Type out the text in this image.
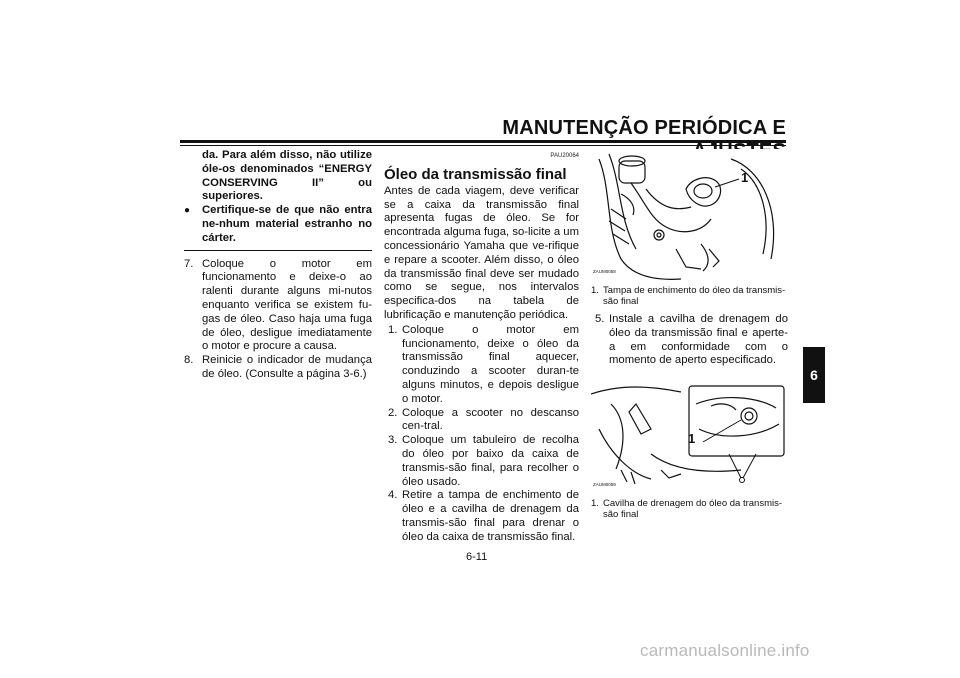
MANUTENÇÃO PERIÓDICA E
6

da. Para além disso, não utilize óle-os denominados “ENERGY CONSERVING II” ou superiores.

●	Certifique-se de que não entra ne-nhum material estranho no cárter.

7. Coloque o motor em funcionamento e deixe-o ao ralenti durante alguns mi-nutos enquanto verifica se existem fu-gas de óleo. Caso haja uma fuga de óleo, desligue imediatamente o motor e procure a causa.
8. Reinicie o indicador de mudança de óleo. (Consulte a página 3-6.)
PAU20064
Óleo da transmissão final

Antes de cada viagem, deve verificar se a caixa da transmissão final apresenta fugas de óleo. Se for encontrada alguma fuga, so-licite a um concessionário Yamaha que ve-rifique e repare a scooter. Além disso, o óleo da transmissão final deve ser mudado como se segue, nos intervalos especifica-dos na tabela de lubrificação e manutenção periódica.

1. Coloque o motor em funcionamento, deixe o óleo da transmissão final aquecer, conduzindo a scooter duran-te alguns minutos, e depois desligue o motor.
2. Coloque a scooter no descanso cen-tral.
3. Coloque um tabuleiro de recolha do óleo por baixo da caixa de transmis-são final, para recolher o óleo usado.
4. Retire a tampa de enchimento de óleo e a cavilha de drenagem da transmis-são final para drenar o óleo da caixa de transmissão final.
1
ZAUM0058
1. Tampa de enchimento do óleo da transmis-são final
5. Instale a cavilha de drenagem do óleo da transmissão final e aperte-a em conformidade com o momento de aperto especificado.
1
ZAUM0059
1. Cavilha de drenagem do óleo da transmis-são final
6-11
carmanualsonline.info
